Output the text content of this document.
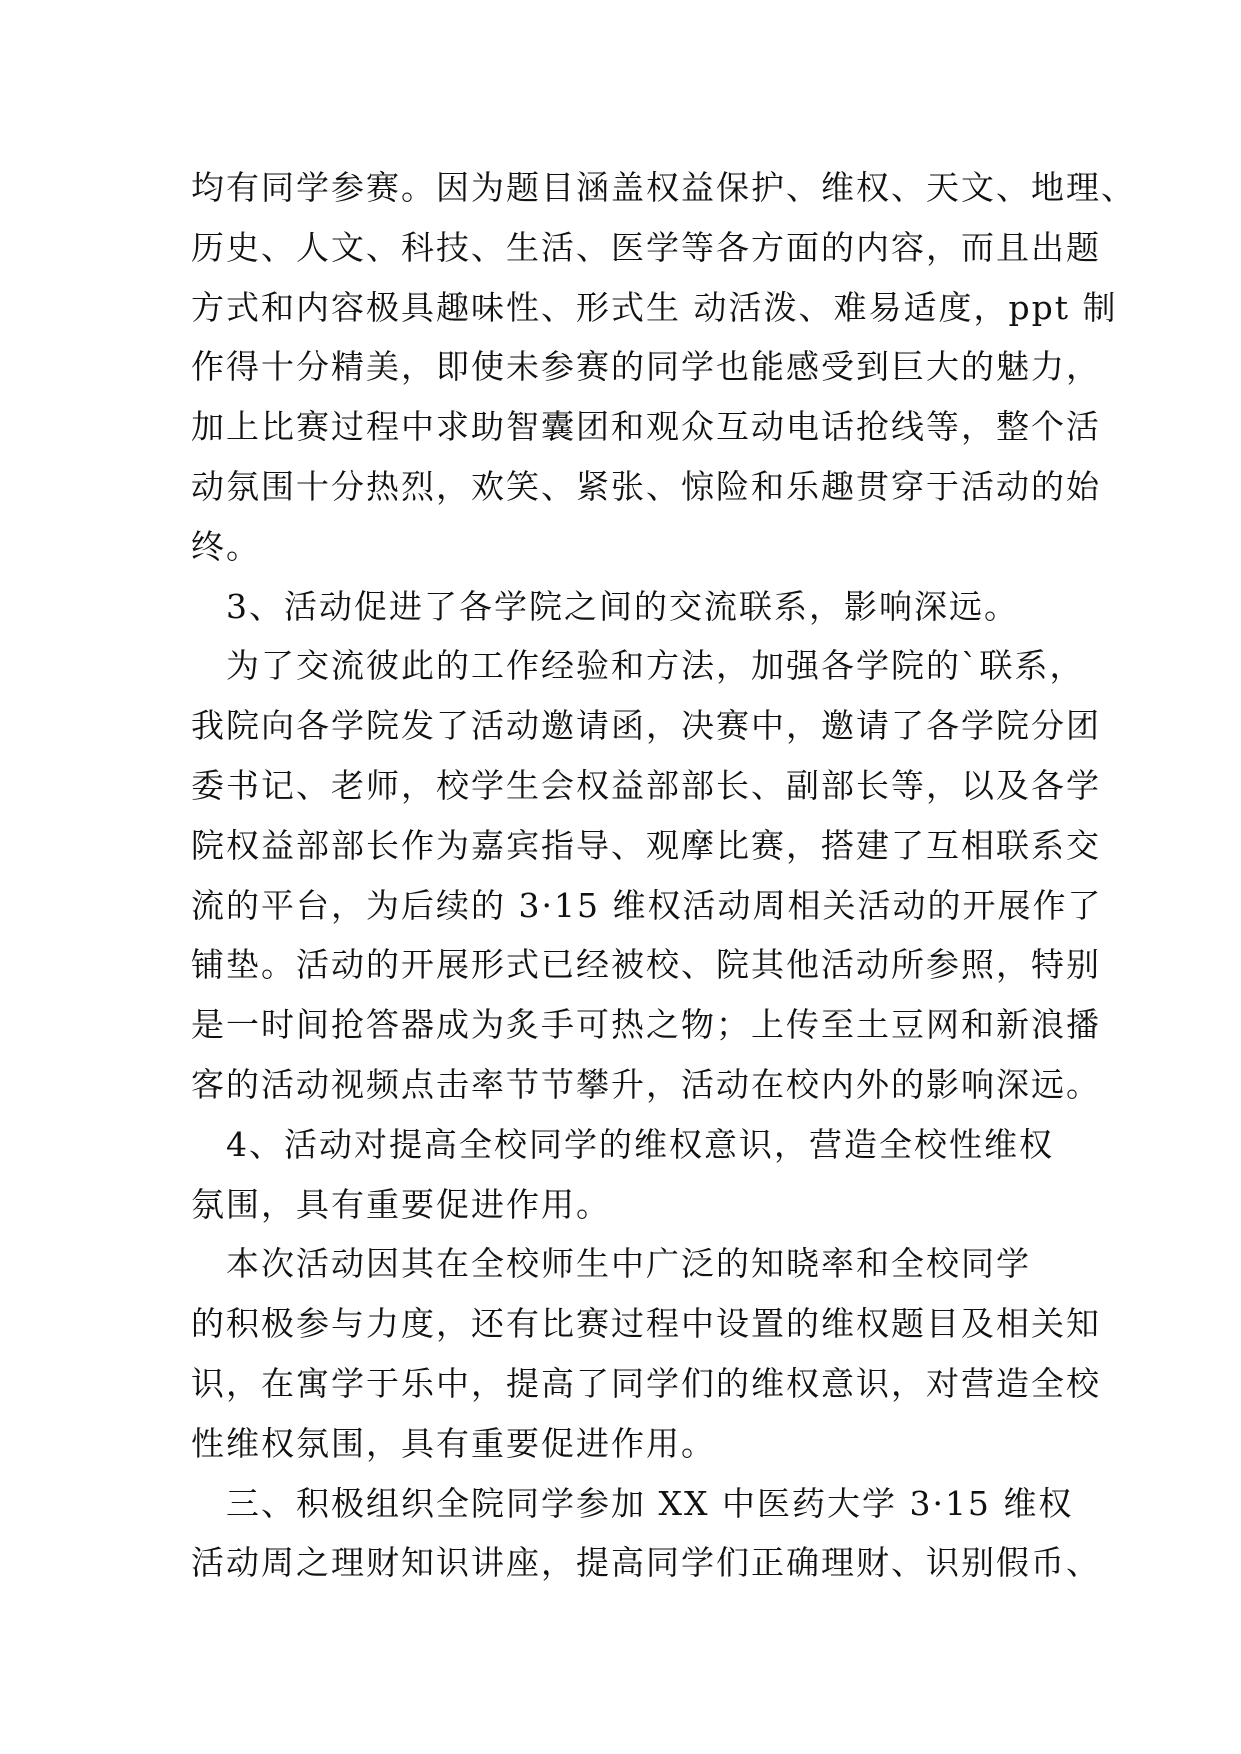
均有同学参赛。因为题目涵盖权益保护、维权、天文、地理、
历史、人文、科技、生活、医学等各方面的内容，而且出题
方式和内容极具趣味性、形式生 动活泼、难易适度，ppt 制
作得十分精美，即使未参赛的同学也能感受到巨大的魅力，
加上比赛过程中求助智囊团和观众互动电话抢线等，整个活
动氛围十分热烈，欢笑、紧张、惊险和乐趣贯穿于活动的始
终。
　3、活动促进了各学院之间的交流联系，影响深远。
　为了交流彼此的工作经验和方法，加强各学院的`联系，
我院向各学院发了活动邀请函，决赛中，邀请了各学院分团
委书记、老师，校学生会权益部部长、副部长等，以及各学
院权益部部长作为嘉宾指导、观摩比赛，搭建了互相联系交
流的平台，为后续的 3·15 维权活动周相关活动的开展作了
铺垫。活动的开展形式已经被校、院其他活动所参照，特别
是一时间抢答器成为炙手可热之物；上传至土豆网和新浪播
客的活动视频点击率节节攀升，活动在校内外的影响深远。
　4、活动对提高全校同学的维权意识，营造全校性维权
氛围，具有重要促进作用。
　本次活动因其在全校师生中广泛的知晓率和全校同学
的积极参与力度，还有比赛过程中设置的维权题目及相关知
识，在寓学于乐中，提高了同学们的维权意识，对营造全校
性维权氛围，具有重要促进作用。
　三、积极组织全院同学参加 XX 中医药大学 3·15 维权
活动周之理财知识讲座，提高同学们正确理财、识别假币、
